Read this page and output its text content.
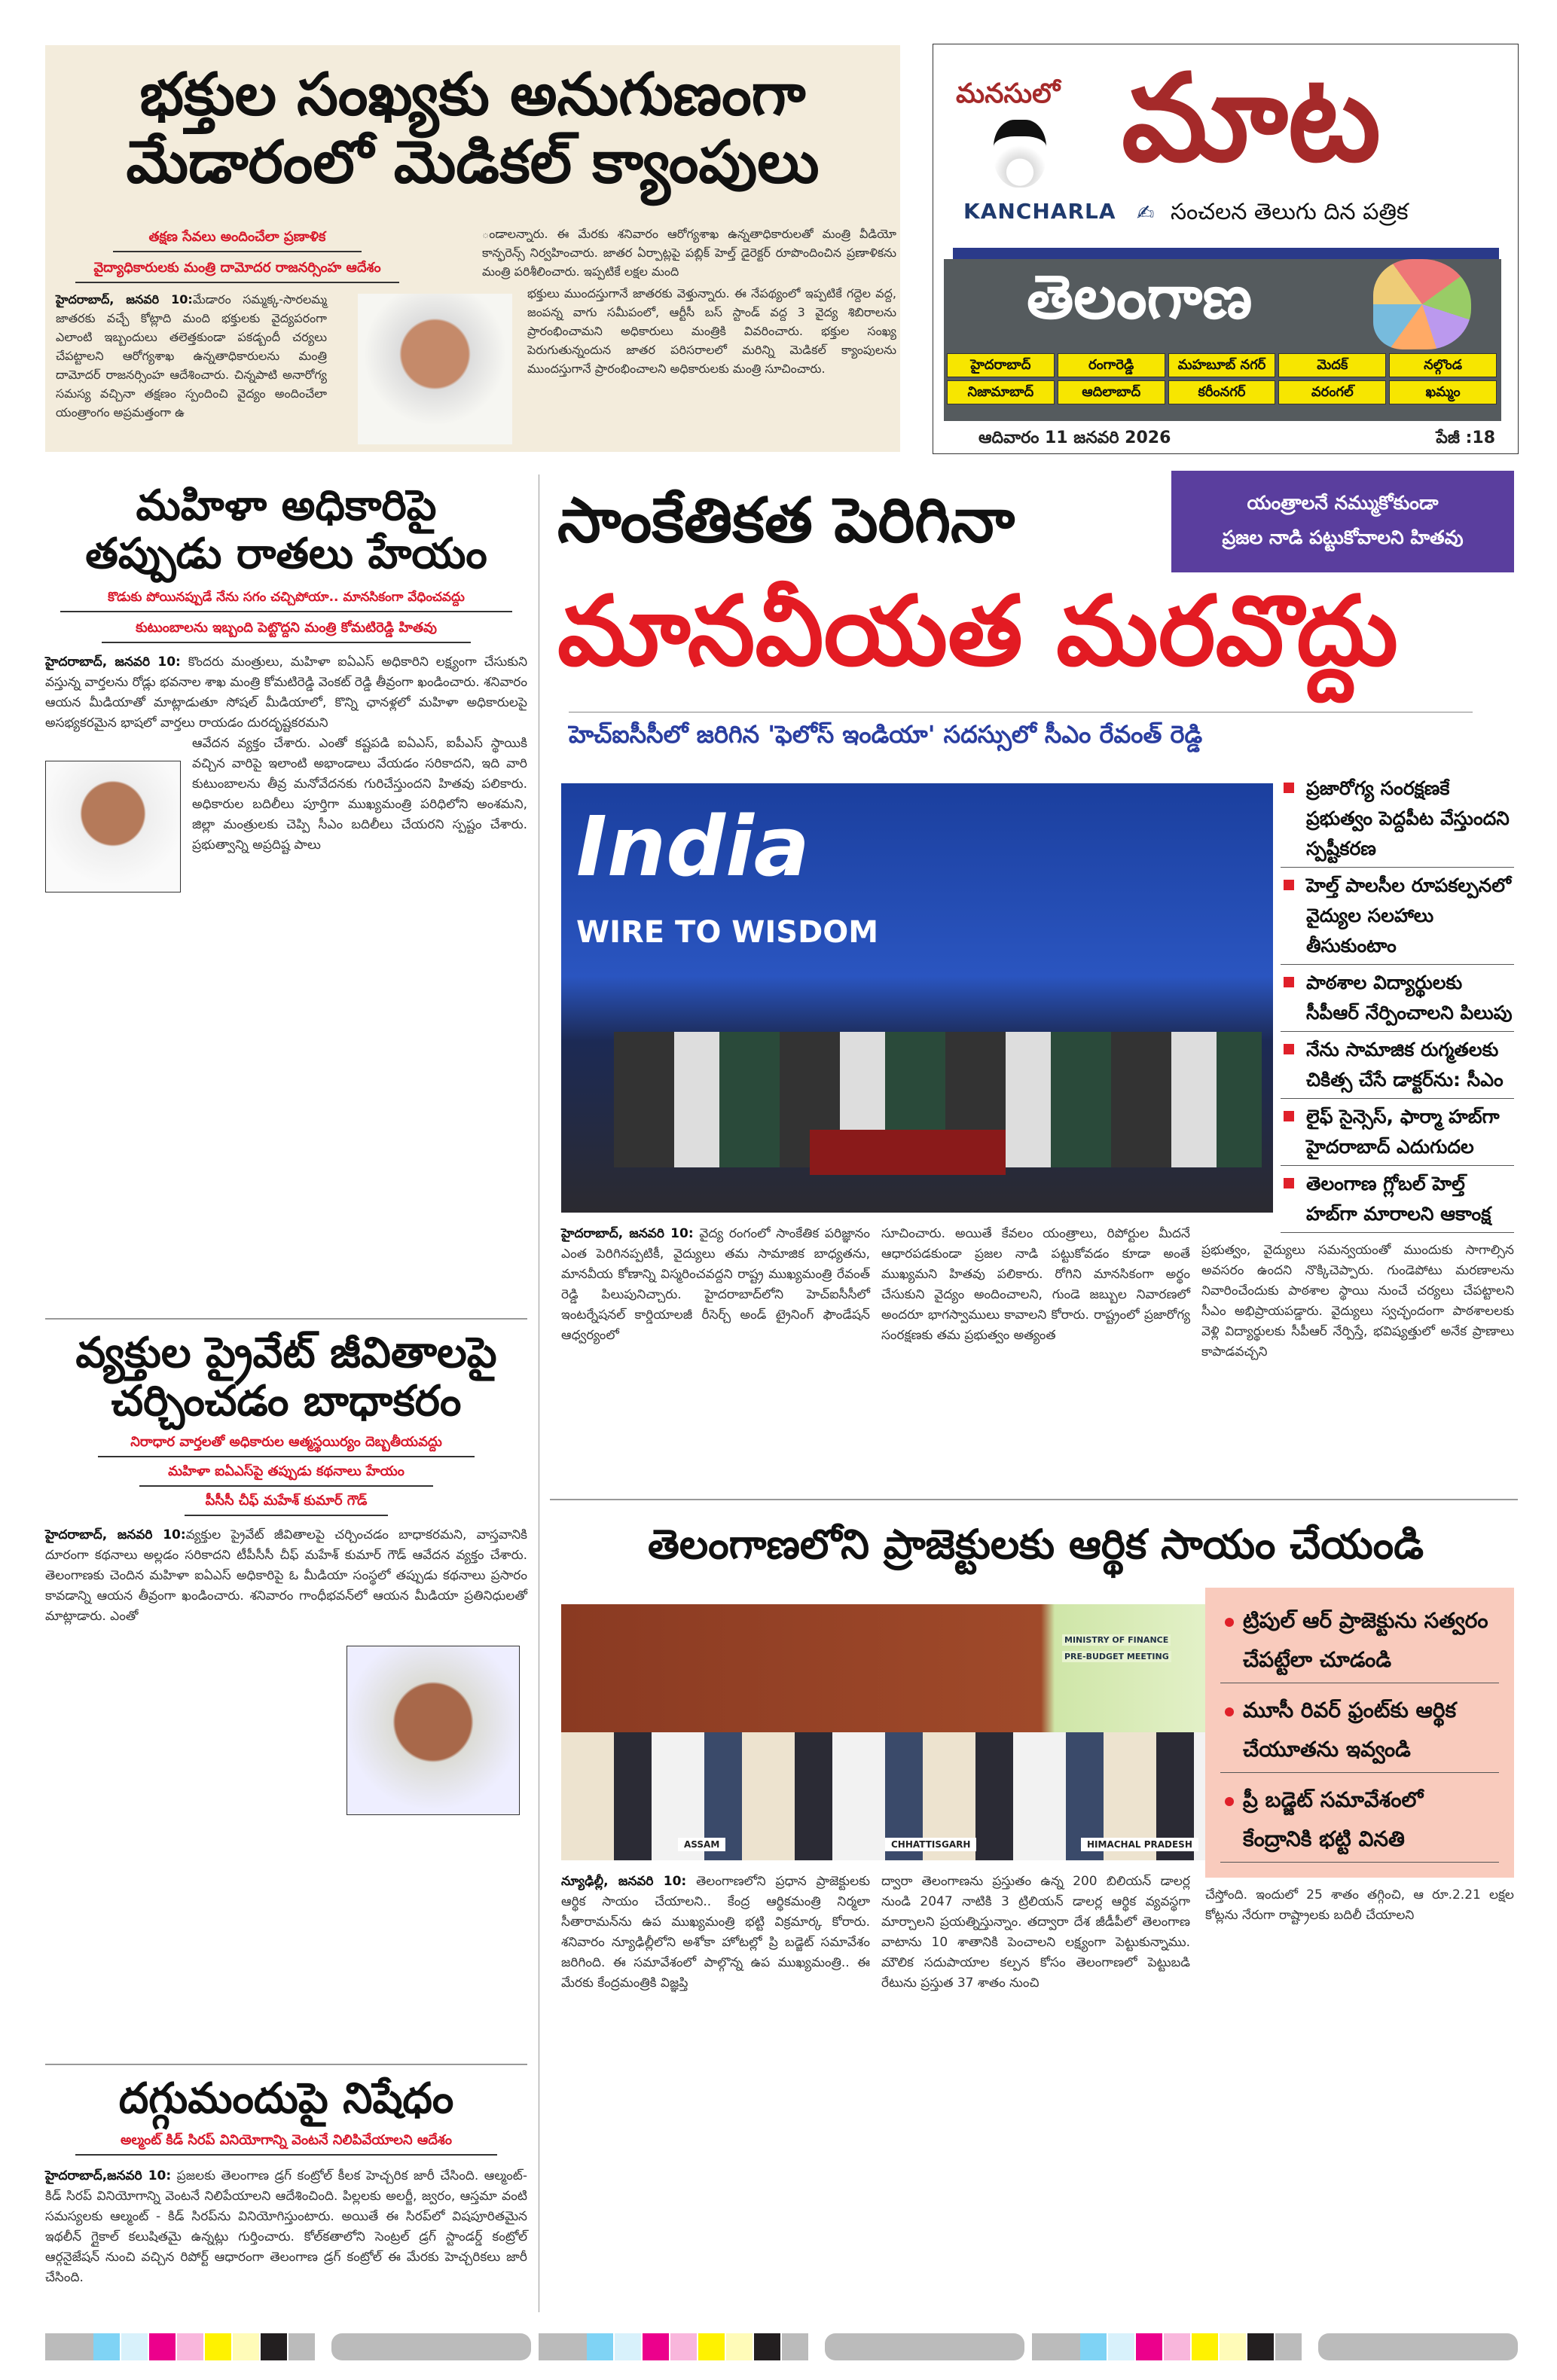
భక్తుల సంఖ్యకు అనుగుణంగా
మేడారంలో మెడికల్ క్యాంపులు
తక్షణ సేవలు అందించేలా ప్రణాళిక
వైద్యాధికారులకు మంత్రి దామోదర రాజనర్సింహ ఆదేశం
హైదరాబాద్, జనవరి 10:మేడారం సమ్మక్క-సారలమ్మ జాతరకు వచ్చే కోట్లాది మంది భక్తులకు వైద్యపరంగా ఎలాంటి ఇబ్బందులు తలెత్తకుండా పకడ్బందీ చర్యలు చేపట్టాలని ఆరోగ్యశాఖ ఉన్నతాధికారులను మంత్రి దామోదర్ రాజనర్సింహ ఆదేశించారు. చిన్నపాటి అనారోగ్య సమస్య వచ్చినా తక్షణం స్పందించి వైద్యం అందించేలా యంత్రాంగం అప్రమత్తంగా ఉ
ండాలన్నారు. ఈ మేరకు శనివారం ఆరోగ్యశాఖ ఉన్నతాధికారులతో మంత్రి వీడియో కాన్ఫరెన్స్ నిర్వహించారు. జాతర ఏర్పాట్లపై పబ్లిక్ హెల్త్ డైరెక్టర్ రూపొందించిన ప్రణాళికను మంత్రి పరిశీలించారు. ఇప్పటికే లక్షల మంది
భక్తులు ముందస్తుగానే జాతరకు వెళ్తున్నారు. ఈ నేపథ్యంలో ఇప్పటికే గద్దెల వద్ద, జంపన్న వాగు సమీపంలో, ఆర్టీసీ బస్ స్టాండ్ వద్ద 3 వైద్య శిబిరాలను ప్రారంభించామని అధికారులు మంత్రికి వివరించారు. భక్తుల సంఖ్య పెరుగుతున్నందున జాతర పరిసరాలలో మరిన్ని మెడికల్ క్యాంపులను ముందస్తుగానే ప్రారంభించాలని అధికారులకు మంత్రి సూచించారు.
మనసులో
KANCHARLA
మాట
✍ సంచలన తెలుగు దిన పత్రిక
తెలంగాణ
హైదరాబాద్	రంగారెడ్డి	మహబూబ్ నగర్	మెదక్	నల్గొండ
నిజామాబాద్	ఆదిలాబాద్	కరీంనగర్	వరంగల్	ఖమ్మం
ఆదివారం 11 జనవరి 2026	పేజీ :18
మహిళా అధికారిపై
తప్పుడు రాతలు హేయం
కొడుకు పోయినప్పుడే నేను సగం చచ్చిపోయా.. మానసికంగా వేధించవద్దు
కుటుంబాలను ఇబ్బంది పెట్టొద్దని మంత్రి కోమటిరెడ్డి హితవు
హైదరాబాద్, జనవరి 10: కొందరు మంత్రులు, మహిళా ఐఏఎస్ అధికారిని లక్ష్యంగా చేసుకుని వస్తున్న వార్తలను రోడ్లు భవనాల శాఖ మంత్రి కోమటిరెడ్డి వెంకట్ రెడ్డి తీవ్రంగా ఖండించారు. శనివారం ఆయన మీడియాతో మాట్లాడుతూ సోషల్ మీడియాలో, కొన్ని ఛానళ్లలో మహిళా అధికారులపై అసభ్యకరమైన భాషలో వార్తలు రాయడం దురదృష్టకరమని
ఆవేదన వ్యక్తం చేశారు. ఎంతో కష్టపడి ఐఏఎస్, ఐపీఎస్ స్థాయికి వచ్చిన వారిపై ఇలాంటి అభాండాలు వేయడం సరికాదని, ఇది వారి కుటుంబాలను తీవ్ర మనోవేదనకు గురిచేస్తుందని హితవు పలికారు. అధికారుల బదిలీలు పూర్తిగా ముఖ్యమంత్రి పరిధిలోని అంశమని, జిల్లా మంత్రులకు చెప్పి సీఎం బదిలీలు చేయరని స్పష్టం చేశారు. ప్రభుత్వాన్ని అప్రదిష్ట పాలు
వ్యక్తుల ప్రైవేట్ జీవితాలపై
చర్చించడం బాధాకరం
నిరాధార వార్తలతో అధికారుల ఆత్మస్థయిర్యం దెబ్బతీయవద్దు
మహిళా ఐఏఎస్‌పై తప్పుడు కథనాలు హేయం
పీసీసీ చీఫ్ మహేశ్ కుమార్ గౌడ్
హైదరాబాద్, జనవరి 10:వ్యక్తుల ప్రైవేట్ జీవితాలపై చర్చించడం బాధాకరమని, వాస్తవానికి దూరంగా కథనాలు అల్లడం సరికాదని టీపీసీసీ చీఫ్ మహేశ్ కుమార్ గౌడ్ ఆవేదన వ్యక్తం చేశారు. తెలంగాణకు చెందిన మహిళా ఐఏఎస్ అధికారిపై ఓ మీడియా సంస్థలో తప్పుడు కథనాలు ప్రసారం కావడాన్ని ఆయన తీవ్రంగా ఖండించారు. శనివారం గాంధీభవన్‌లో ఆయన మీడియా ప్రతినిధులతో మాట్లాడారు. ఎంతో
దగ్గుమందుపై నిషేధం
అల్మంట్ కిడ్ సిరప్ వినియోగాన్ని వెంటనే నిలిపివేయాలని ఆదేశం
హైదరాబాద్,జనవరి 10: ప్రజలకు తెలంగాణ డ్రగ్ కంట్రోల్ కీలక హెచ్చరిక జారీ చేసింది. ఆల్మంట్- కిడ్ సిరప్ వినియోగాన్ని వెంటనే నిలిపేయాలని ఆదేశించింది. పిల్లలకు అలర్జీ, జ్వరం, ఆస్తమా వంటి సమస్యలకు ఆల్మంట్ - కిడ్ సిరప్‌ను వినియోగిస్తుంటారు. అయితే ఈ సిరప్‌లో విషపూరితమైన ఇథలీన్ గ్లైకాల్ కలుషితమై ఉన్నట్లు గుర్తించారు. కోల్‌కతాలోని సెంట్రల్ డ్రగ్ స్టాండర్డ్ కంట్రోల్ ఆర్గనైజేషన్ నుంచి వచ్చిన రిపోర్ట్ ఆధారంగా తెలంగాణ డ్రగ్ కంట్రోల్ ఈ మేరకు హెచ్చరికలు జారీ చేసింది.
సాంకేతికత పెరిగినా	యంత్రాలనే నమ్ముకోకుండా
ప్రజల నాడి పట్టుకోవాలని హితవు
మానవీయత మరవొద్దు
హెచ్ఐసీసీలో జరిగిన 'ఫెలోస్ ఇండియా' సదస్సులో సీఎం రేవంత్ రెడ్డి
India
WIRE TO WISDOM
ప్రజారోగ్య సంరక్షణకే ప్రభుత్వం పెద్దపీట వేస్తుందని స్పష్టీకరణ
హెల్త్ పాలసీల రూపకల్పనలో వైద్యుల సలహాలు తీసుకుంటాం
పాఠశాల విద్యార్థులకు సీపీఆర్ నేర్పించాలని పిలుపు
నేను సామాజిక రుగ్మతలకు చికిత్స చేసే డాక్టర్‌ను: సీఎం
లైఫ్ సైన్సెస్, ఫార్మా హబ్‌గా హైదరాబాద్ ఎదుగుదల
తెలంగాణ గ్లోబల్ హెల్త్ హబ్‌గా మారాలని ఆకాంక్ష
హైదరాబాద్, జనవరి 10: వైద్య రంగంలో సాంకేతిక పరిజ్ఞానం ఎంత పెరిగినప్పటికీ, వైద్యులు తమ సామాజిక బాధ్యతను, మానవీయ కోణాన్ని విస్మరించవద్దని రాష్ట్ర ముఖ్యమంత్రి రేవంత్ రెడ్డి పిలుపునిచ్చారు. హైదరాబాద్‌లోని హెచ్ఐసీసీలో ఇంటర్నేషనల్ కార్డియాలజీ రీసెర్చ్ అండ్ ట్రైనింగ్ ఫౌండేషన్ ఆధ్వర్యంలో
సూచించారు. అయితే కేవలం యంత్రాలు, రిపోర్టుల మీదనే ఆధారపడకుండా ప్రజల నాడి పట్టుకోవడం కూడా అంతే ముఖ్యమని హితవు పలికారు. రోగిని మానసికంగా అర్థం చేసుకుని వైద్యం అందించాలని, గుండె జబ్బుల నివారణలో అందరూ భాగస్వాములు కావాలని కోరారు. రాష్ట్రంలో ప్రజారోగ్య సంరక్షణకు తమ ప్రభుత్వం అత్యంత
ప్రభుత్వం, వైద్యులు సమన్వయంతో ముందుకు సాగాల్సిన అవసరం ఉందని నొక్కిచెప్పారు. గుండెపోటు మరణాలను నివారించేందుకు పాఠశాల స్థాయి నుంచే చర్యలు చేపట్టాలని సీఎం అభిప్రాయపడ్డారు. వైద్యులు స్వచ్ఛందంగా పాఠశాలలకు వెళ్లి విద్యార్థులకు సీపీఆర్ నేర్పిస్తే, భవిష్యత్తులో అనేక ప్రాణాలు కాపాడవచ్చని
తెలంగాణలోని ప్రాజెక్టులకు ఆర్థిక సాయం చేయండి
MINISTRY OF FINANCE
PRE-BUDGET MEETING
ASSAM	CHHATTISGARH	HIMACHAL PRADESH
ట్రిపుల్ ఆర్ ప్రాజెక్టును సత్వరం చేపట్టేలా చూడండి
మూసీ రివర్ ఫ్రంట్‌కు ఆర్థిక చేయూతను ఇవ్వండి
ప్రీ బడ్జెట్ సమావేశంలో కేంద్రానికి భట్టి వినతి
న్యూఢిల్లీ, జనవరి 10: తెలంగాణలోని ప్రధాన ప్రాజెక్టులకు ఆర్థిక సాయం చేయాలని.. కేంద్ర ఆర్థికమంత్రి నిర్మలా సీతారామన్‌ను ఉప ముఖ్యమంత్రి భట్టి విక్రమార్క కోరారు. శనివారం న్యూఢిల్లీలోని అశోకా హోటల్లో ప్రి బడ్జెట్ సమావేశం జరిగింది. ఈ సమావేశంలో పాల్గొన్న ఉప ముఖ్యమంత్రి.. ఈ మేరకు కేంద్రమంత్రికి విజ్ఞప్తి
ద్వారా తెలంగాణను ప్రస్తుతం ఉన్న 200 బిలియన్ డాలర్ల నుండి 2047 నాటికి 3 ట్రిలియన్ డాలర్ల ఆర్థిక వ్యవస్థగా మార్చాలని ప్రయత్నిస్తున్నాం. తద్వారా దేశ జీడీపీలో తెలంగాణ వాటాను 10 శాతానికి పెంచాలని లక్ష్యంగా పెట్టుకున్నాము. మౌలిక సదుపాయాల కల్పన కోసం తెలంగాణలో పెట్టుబడి రేటును ప్రస్తుత 37 శాతం నుంచి
చేస్తోంది. ఇందులో 25 శాతం తగ్గించి, ఆ రూ.2.21 లక్షల కోట్లను నేరుగా రాష్ట్రాలకు బదిలీ చేయాలని
